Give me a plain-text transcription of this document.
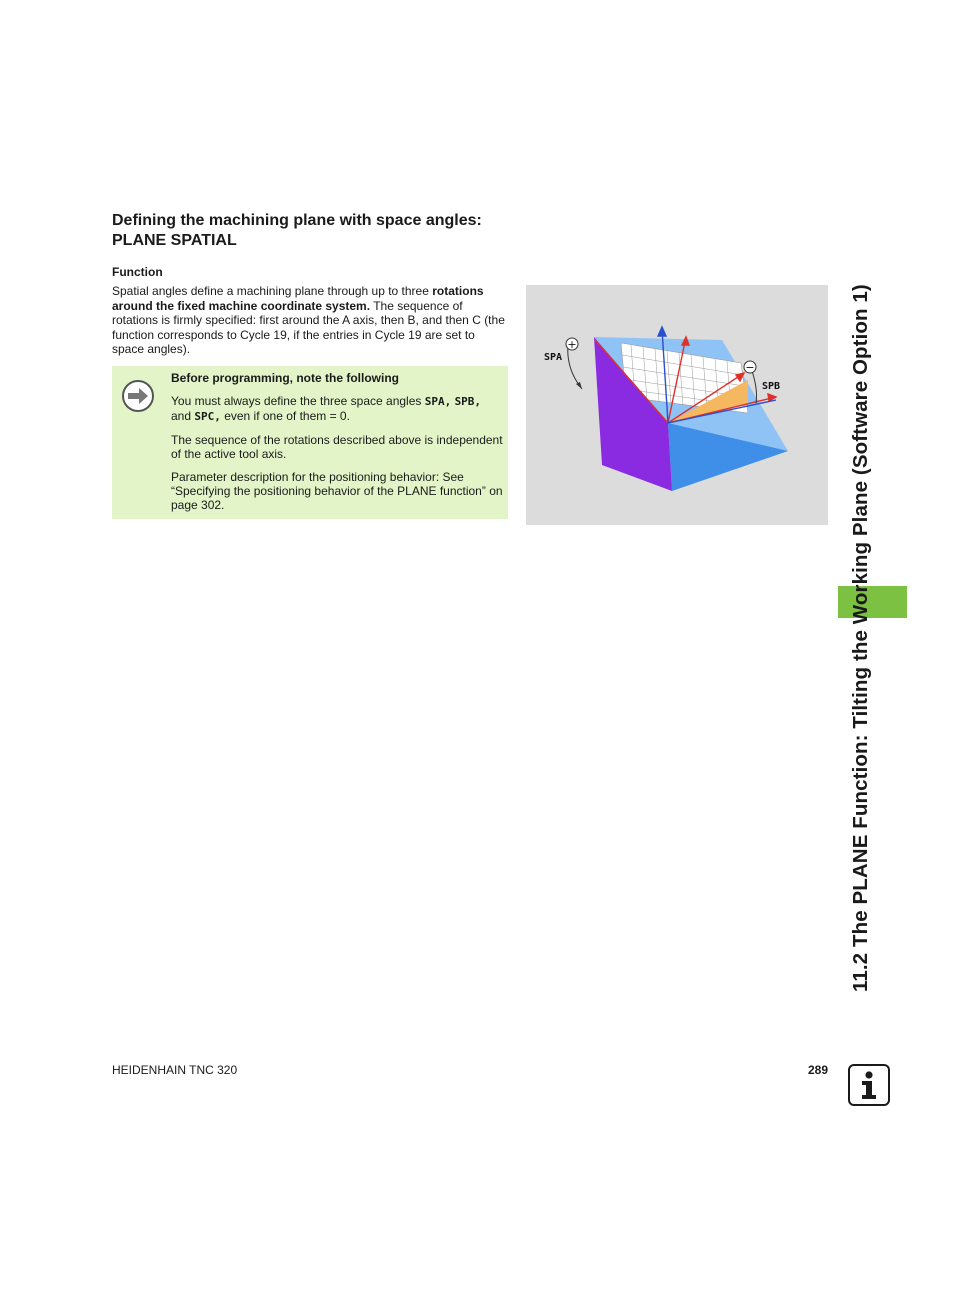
Defining the machining plane with space angles:
PLANE SPATIAL
Function

Spatial angles define a machining plane through up to three rotations around the fixed machine coordinate system. The sequence of rotations is firmly specified: first around the A axis, then B, and then C (the function corresponds to Cycle 19, if the entries in Cycle 19 are set to space angles).

Before programming, note the following

You must always define the three space angles SPA, SPB,
and SPC, even if one of them = 0.

The sequence of the rotations described above is independent of the active tool axis.

Parameter description for the positioning behavior: See “Specifying the positioning behavior of the PLANE function” on page 302.

+
−
SPA
SPB	11.2 The PLANE Function: Tilting the Working Plane (Software Option 1)
HEIDENHAIN TNC 320	289
